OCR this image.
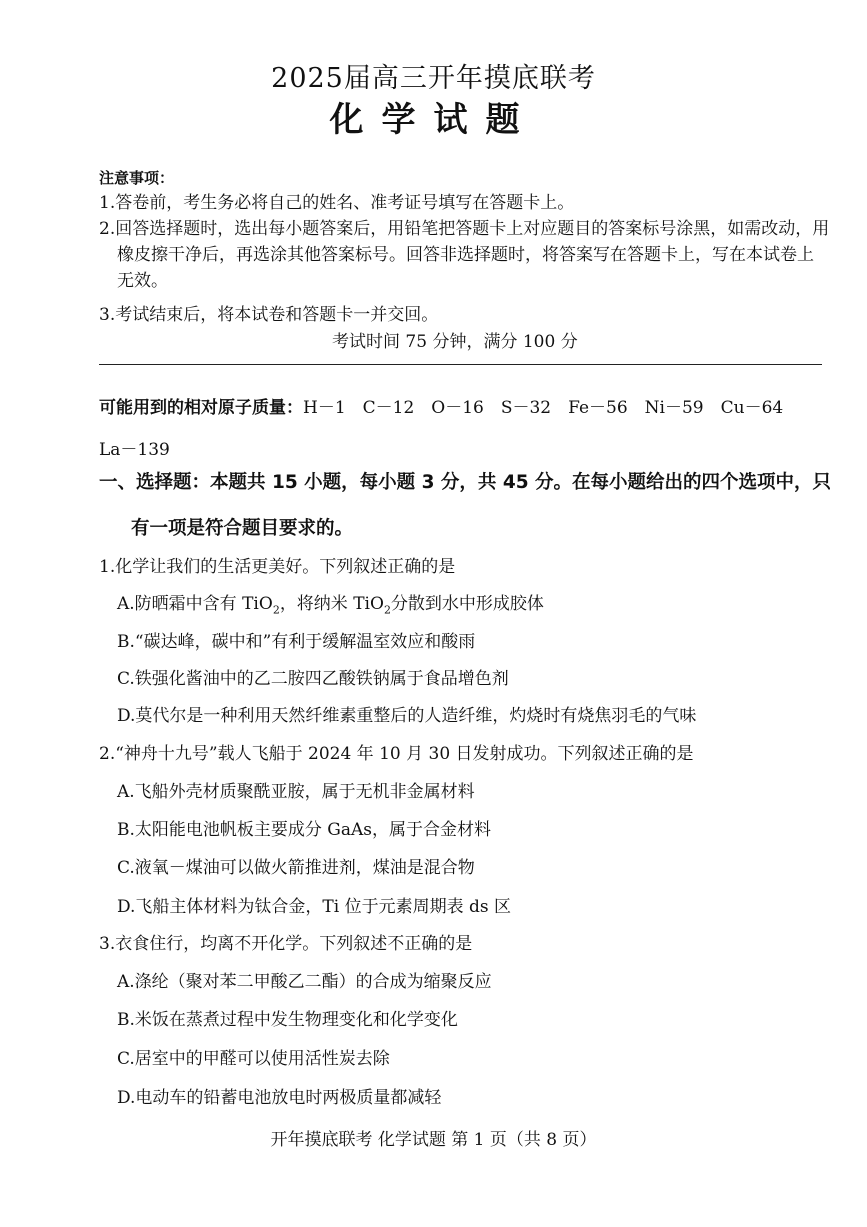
2025届高三开年摸底联考
化学试题
注意事项：
1.答卷前，考生务必将自己的姓名、准考证号填写在答题卡上。
2.回答选择题时，选出每小题答案后，用铅笔把答题卡上对应题目的答案标号涂黑，如需改动，用
橡皮擦干净后，再选涂其他答案标号。回答非选择题时，将答案写在答题卡上，写在本试卷上
无效。
3.考试结束后，将本试卷和答题卡一并交回。
考试时间 75 分钟，满分 100 分
可能用到的相对原子质量：H－1　C－12　O－16　S－32　Fe－56　Ni－59　Cu－64
La－139
一、选择题：本题共 15 小题，每小题 3 分，共 45 分。在每小题给出的四个选项中，只
有一项是符合题目要求的。
1.化学让我们的生活更美好。下列叙述正确的是
A.防晒霜中含有 TiO$_2$，将纳米 TiO$_2$分散到水中形成胶体
B.“碳达峰，碳中和”有利于缓解温室效应和酸雨
C.铁强化酱油中的乙二胺四乙酸铁钠属于食品增色剂
D.莫代尔是一种利用天然纤维素重整后的人造纤维，灼烧时有烧焦羽毛的气味
2.“神舟十九号”载人飞船于 2024 年 10 月 30 日发射成功。下列叙述正确的是
A.飞船外壳材质聚酰亚胺，属于无机非金属材料
B.太阳能电池帆板主要成分 GaAs，属于合金材料
C.液氧－煤油可以做火箭推进剂，煤油是混合物
D.飞船主体材料为钛合金，Ti 位于元素周期表 ds 区
3.衣食住行，均离不开化学。下列叙述不正确的是
A.涤纶（聚对苯二甲酸乙二酯）的合成为缩聚反应
B.米饭在蒸煮过程中发生物理变化和化学变化
C.居室中的甲醛可以使用活性炭去除
D.电动车的铅蓄电池放电时两极质量都减轻
开年摸底联考 化学试题 第 1 页（共 8 页）
